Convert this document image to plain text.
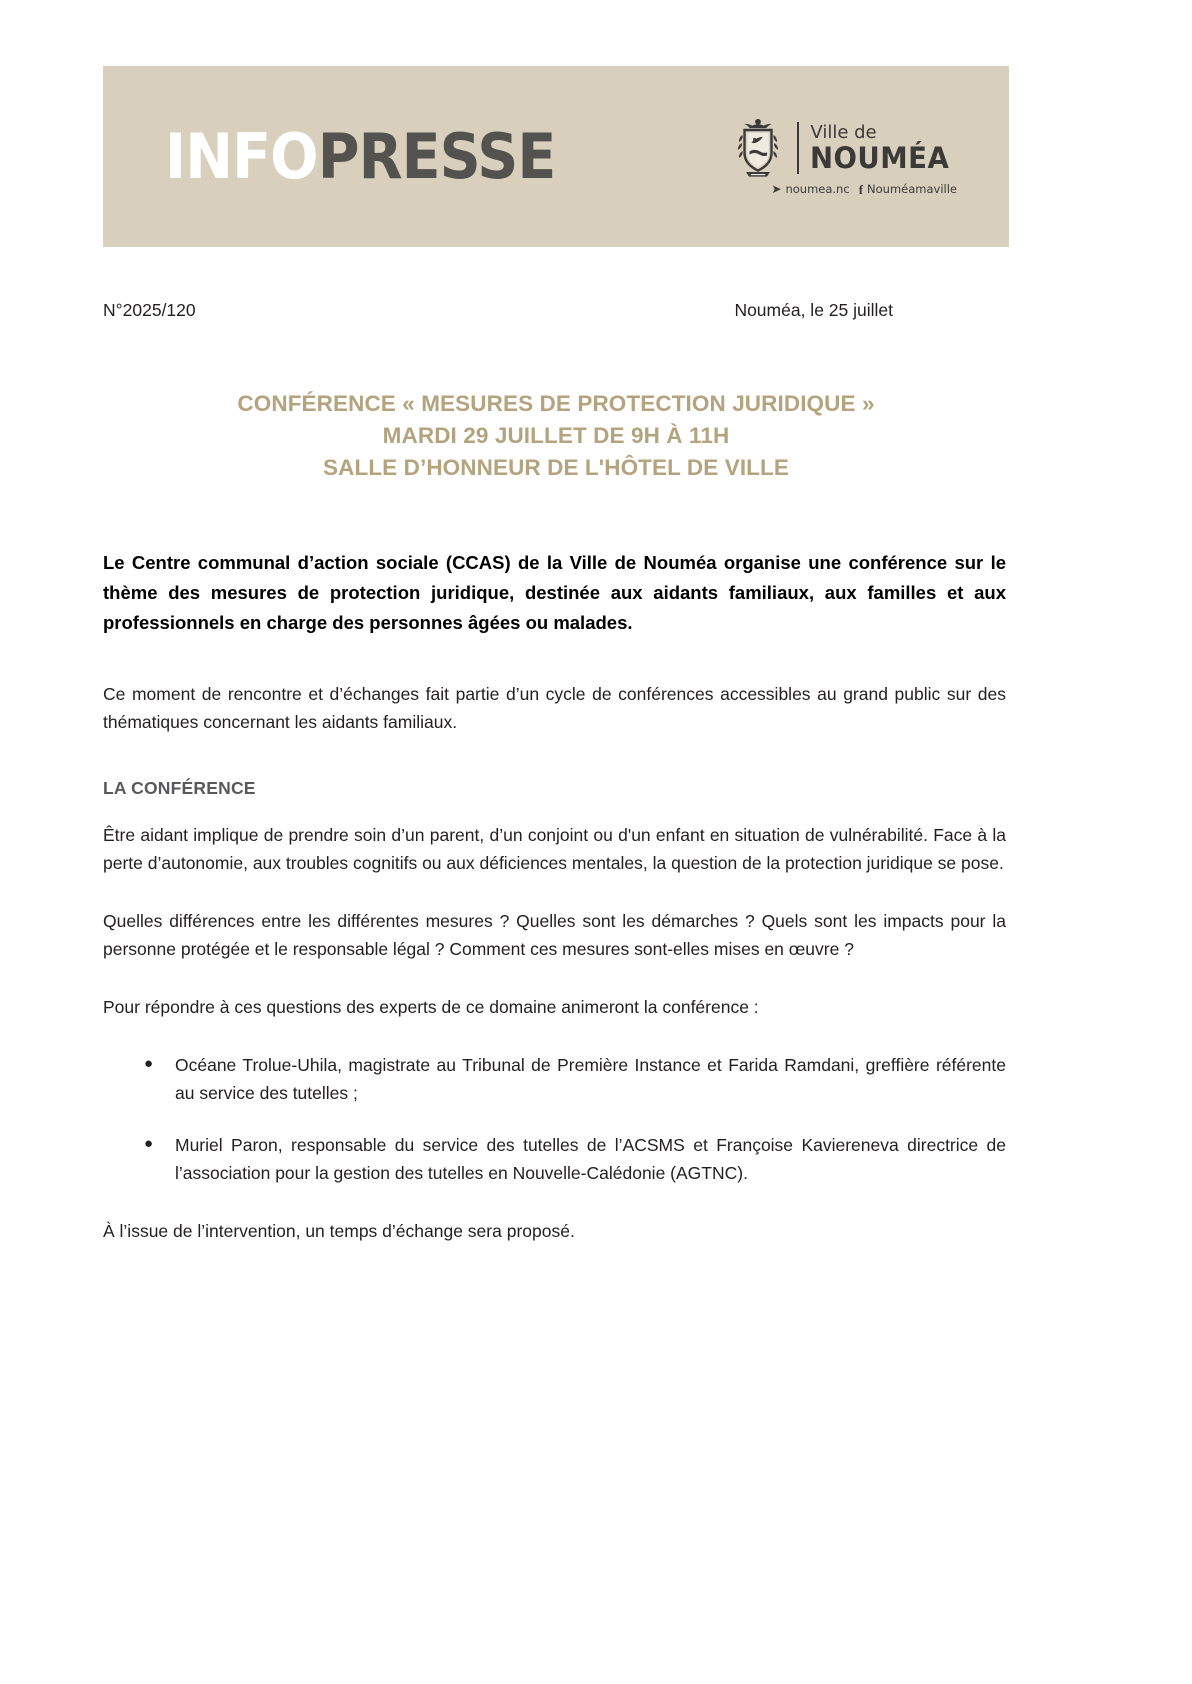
INFO PRESSE	Ville de
NOUMÉA
➤ noumea.nc f Nouméamaville
N°2025/120	Nouméa, le 25 juillet
CONFÉRENCE « MESURES DE PROTECTION JURIDIQUE »
MARDI 29 JUILLET DE 9H À 11H
SALLE D’HONNEUR DE L'HÔTEL DE VILLE

Le Centre communal d’action sociale (CCAS) de la Ville de Nouméa organise une conférence sur le thème des mesures de protection juridique, destinée aux aidants familiaux, aux familles et aux professionnels en charge des personnes âgées ou malades.

Ce moment de rencontre et d’échanges fait partie d’un cycle de conférences accessibles au grand public sur des thématiques concernant les aidants familiaux.

LA CONFÉRENCE

Être aidant implique de prendre soin d’un parent, d’un conjoint ou d'un enfant en situation de vulnérabilité. Face à la perte d’autonomie, aux troubles cognitifs ou aux déficiences mentales, la question de la protection juridique se pose.

Quelles différences entre les différentes mesures ? Quelles sont les démarches ? Quels sont les impacts pour la personne protégée et le responsable légal ? Comment ces mesures sont-elles mises en œuvre ?

Pour répondre à ces questions des experts de ce domaine animeront la conférence :

● Océane Trolue-Uhila, magistrate au Tribunal de Première Instance et Farida Ramdani, greffière référente au service des tutelles ;
● Muriel Paron, responsable du service des tutelles de l’ACSMS et Françoise Kaviereneva directrice de l’association pour la gestion des tutelles en Nouvelle-Calédonie (AGTNC).

À l’issue de l’intervention, un temps d’échange sera proposé.
